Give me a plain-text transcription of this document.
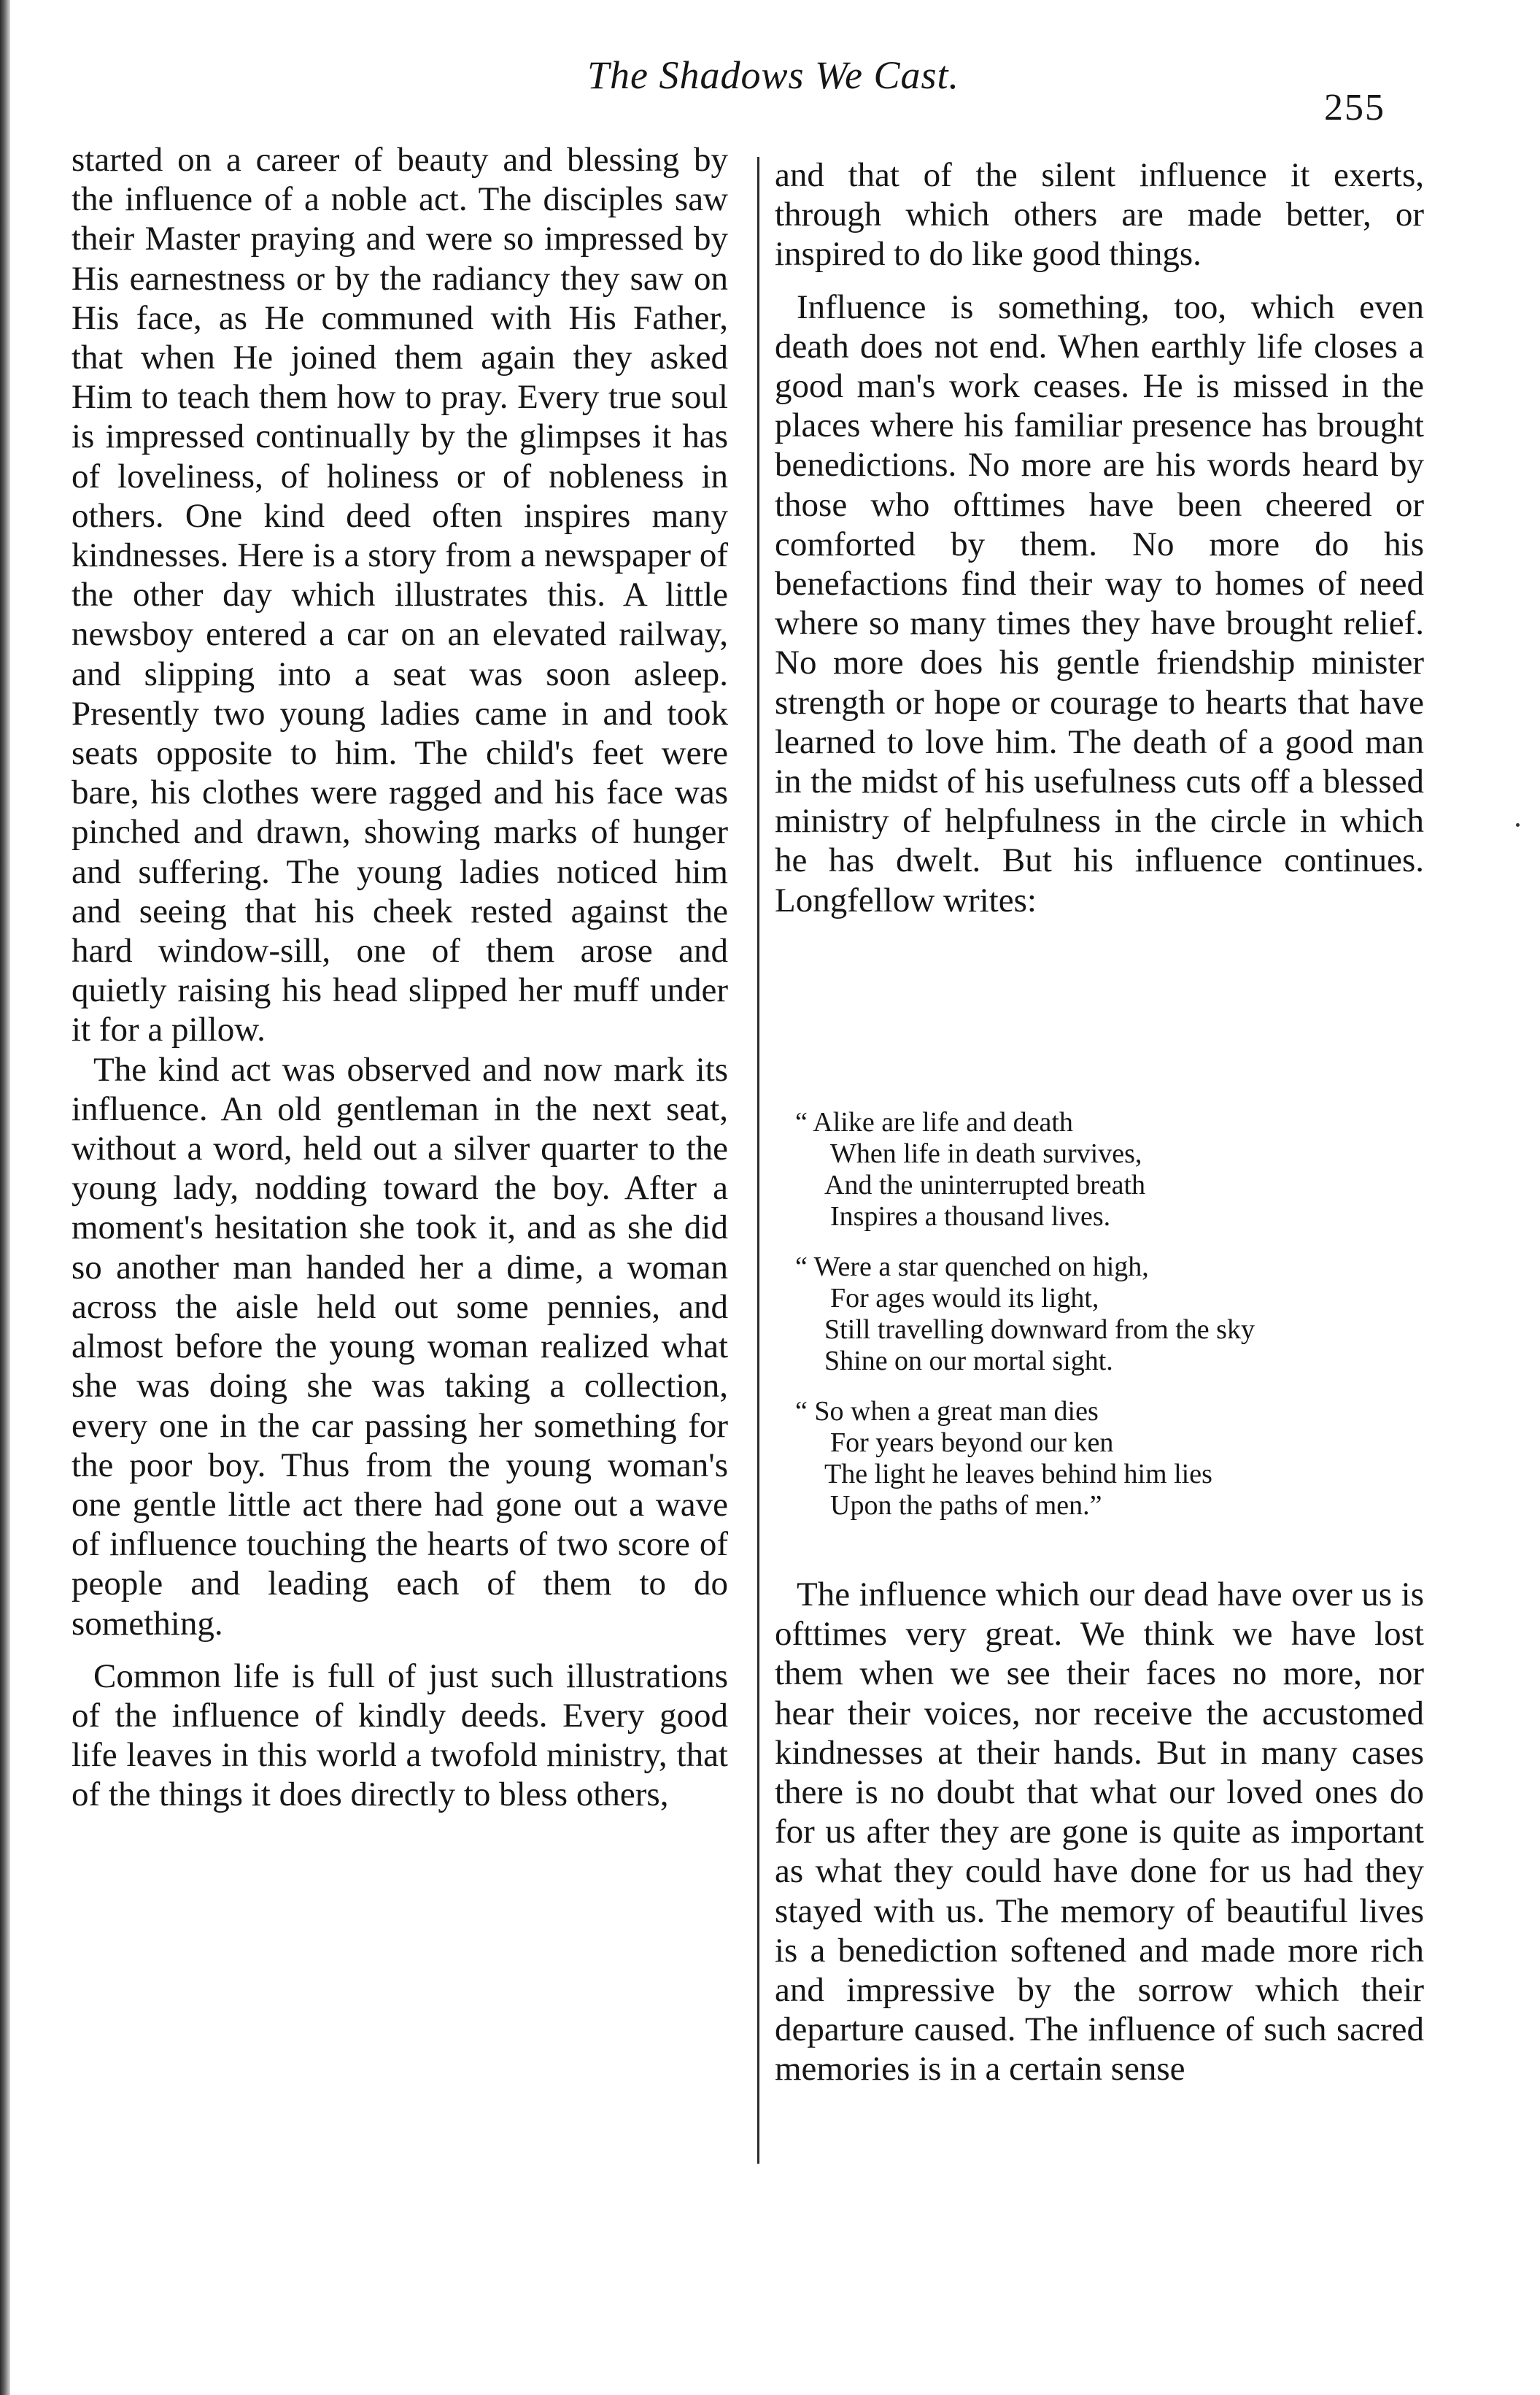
The Shadows We Cast.
255

started on a career of beauty and blessing by the influence of a noble act. The disciples saw their Master praying and were so impressed by His earnestness or by the radiancy they saw on His face, as He communed with His Father, that when He joined them again they asked Him to teach them how to pray. Every true soul is impressed continually by the glimpses it has of loveliness, of holiness or of nobleness in others. One kind deed often inspires many kindnesses. Here is a story from a newspaper of the other day which illustrates this. A little newsboy entered a car on an elevated railway, and slipping into a seat was soon asleep. Presently two young ladies came in and took seats opposite to him. The child's feet were bare, his clothes were ragged and his face was pinched and drawn, showing marks of hunger and suffering. The young ladies noticed him and seeing that his cheek rested against the hard window-sill, one of them arose and quietly raising his head slipped her muff under it for a pillow.

The kind act was observed and now mark its influence. An old gentleman in the next seat, without a word, held out a silver quarter to the young lady, nodding toward the boy. After a moment's hesitation she took it, and as she did so another man handed her a dime, a woman across the aisle held out some pennies, and almost before the young woman realized what she was doing she was taking a collection, every one in the car passing her something for the poor boy. Thus from the young woman's one gentle little act there had gone out a wave of influence touching the hearts of two score of people and leading each of them to do something.

Common life is full of just such illustrations of the influence of kindly deeds. Every good life leaves in this world a twofold ministry, that of the things it does directly to bless others,

and that of the silent influence it exerts, through which others are made better, or inspired to do like good things.

Influence is something, too, which even death does not end. When earthly life closes a good man's work ceases. He is missed in the places where his familiar presence has brought benedictions. No more are his words heard by those who ofttimes have been cheered or comforted by them. No more do his benefactions find their way to homes of need where so many times they have brought relief. No more does his gentle friendship minister strength or hope or courage to hearts that have learned to love him. The death of a good man in the midst of his usefulness cuts off a blessed ministry of helpfulness in the circle in which he has dwelt. But his influence continues. Longfellow writes:

“ Alike are life and death
When life in death survives,
And the uninterrupted breath
Inspires a thousand lives.
“ Were a star quenched on high,
For ages would its light,
Still travelling downward from the sky
Shine on our mortal sight.
“ So when a great man dies
For years beyond our ken
The light he leaves behind him lies
Upon the paths of men.”

The influence which our dead have over us is ofttimes very great. We think we have lost them when we see their faces no more, nor hear their voices, nor receive the accustomed kindnesses at their hands. But in many cases there is no doubt that what our loved ones do for us after they are gone is quite as important as what they could have done for us had they stayed with us. The memory of beautiful lives is a benediction softened and made more rich and impressive by the sorrow which their departure caused. The influence of such sacred memories is in a certain sense
